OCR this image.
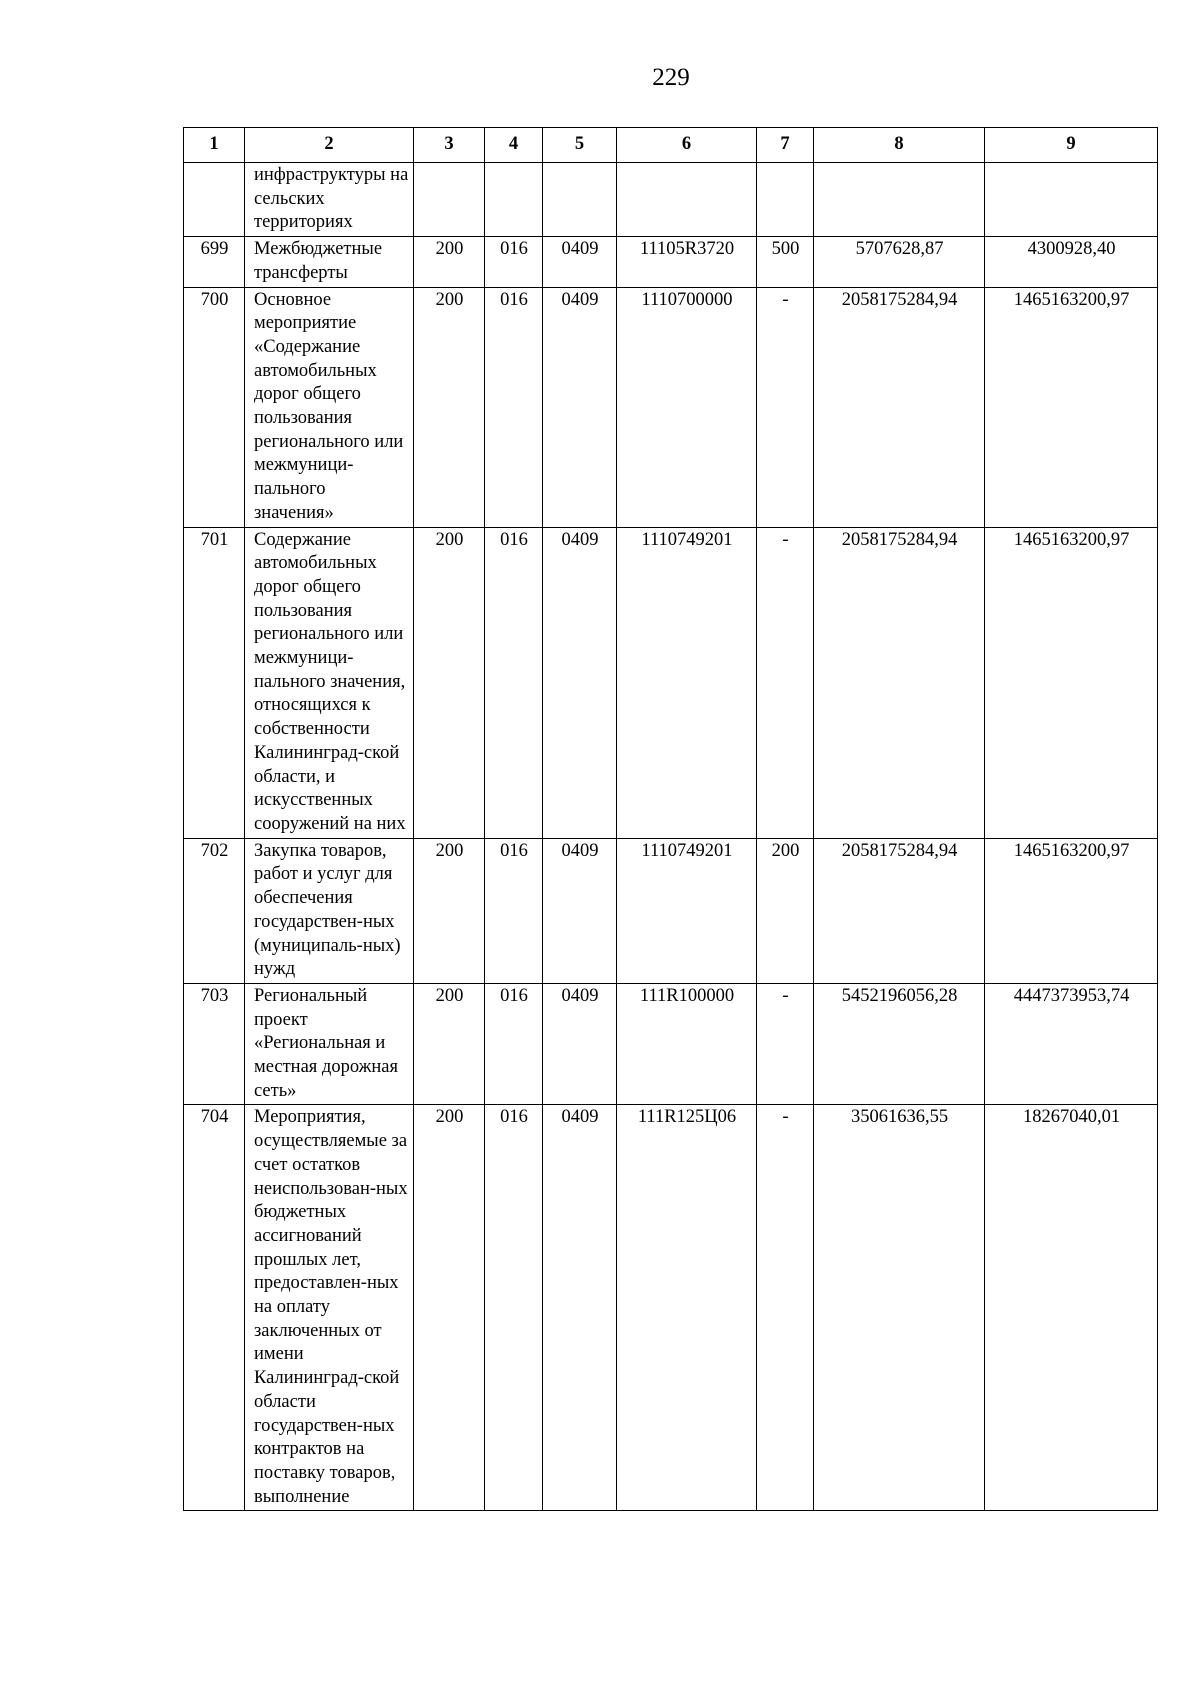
229
1	2	3	4	5	6	7	8	9
	инфраструктуры на сельских территориях							
699	Межбюджетные трансферты	200	016	0409	11105R3720	500	5707628,87	4300928,40
700	Основное мероприятие «Содержание автомобильных дорог общего пользования регионального или межмуници-пального значения»	200	016	0409	1110700000	-	2058175284,94	1465163200,97
701	Содержание автомобильных дорог общего пользования регионального или межмуници-пального значения, относящихся к собственности Калининград-ской области, и искусственных сооружений на них	200	016	0409	1110749201	-	2058175284,94	1465163200,97
702	Закупка товаров, работ и услуг для обеспечения государствен-ных (муниципаль-ных) нужд	200	016	0409	1110749201	200	2058175284,94	1465163200,97
703	Региональный проект «Региональная и местная дорожная сеть»	200	016	0409	111R100000	-	5452196056,28	4447373953,74
704	Мероприятия, осуществляемые за счет остатков неиспользован-ных бюджетных ассигнований прошлых лет, предоставлен-ных на оплату заключенных от имени Калининград-ской области государствен-ных контрактов на поставку товаров, выполнение	200	016	0409	111R125Ц06	-	35061636,55	18267040,01
